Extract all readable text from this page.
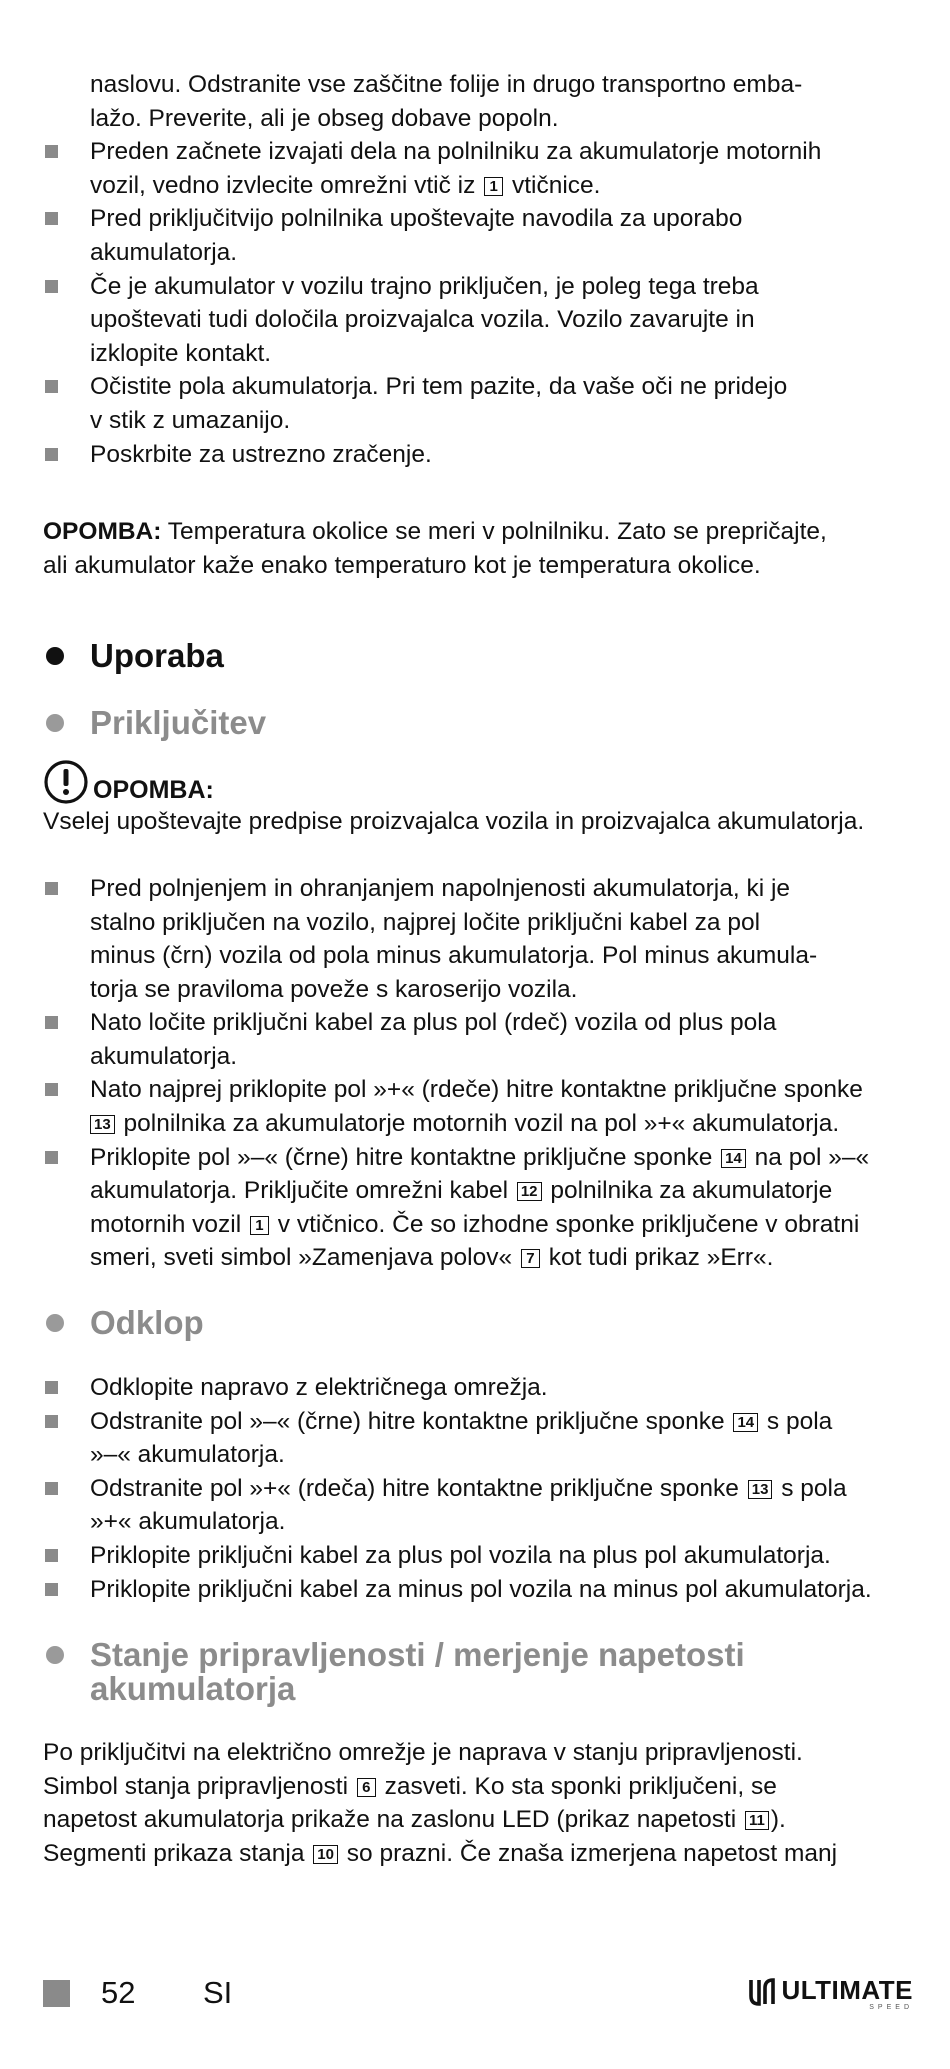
naslovu. Odstranite vse zaščitne folije in drugo transportno emba-
lažo. Preverite, ali je obseg dobave popoln.
Preden začnete izvajati dela na polnilniku za akumulatorje motornih
vozil, vedno izvlecite omrežni vtič iz 1 vtičnice.
Pred priključitvijo polnilnika upoštevajte navodila za uporabo
akumulatorja.
Če je akumulator v vozilu trajno priključen, je poleg tega treba
upoštevati tudi določila proizvajalca vozila. Vozilo zavarujte in
izklopite kontakt.
Očistite pola akumulatorja. Pri tem pazite, da vaše oči ne pridejo
v stik z umazanijo.
Poskrbite za ustrezno zračenje.
OPOMBA: Temperatura okolice se meri v polnilniku. Zato se prepričajte,
ali akumulator kaže enako temperaturo kot je temperatura okolice.
Uporaba
Priključitev
OPOMBA:
Vselej upoštevajte predpise proizvajalca vozila in proizvajalca akumulatorja.
Pred polnjenjem in ohranjanjem napolnjenosti akumulatorja, ki je
stalno priključen na vozilo, najprej ločite priključni kabel za pol
minus (črn) vozila od pola minus akumulatorja. Pol minus akumula-
torja se praviloma poveže s karoserijo vozila.
Nato ločite priključni kabel za plus pol (rdeč) vozila od plus pola
akumulatorja.
Nato najprej priklopite pol »+« (rdeče) hitre kontaktne priključne sponke
13 polnilnika za akumulatorje motornih vozil na pol »+« akumulatorja.
Priklopite pol »–« (črne) hitre kontaktne priključne sponke 14 na pol »–«
akumulatorja. Priključite omrežni kabel 12 polnilnika za akumulatorje
motornih vozil 1 v vtičnico. Če so izhodne sponke priključene v obratni
smeri, sveti simbol »Zamenjava polov« 7 kot tudi prikaz »Err«.
Odklop
Odklopite napravo z električnega omrežja.
Odstranite pol »–« (črne) hitre kontaktne priključne sponke 14 s pola
»–« akumulatorja.
Odstranite pol »+« (rdeča) hitre kontaktne priključne sponke 13 s pola
»+« akumulatorja.
Priklopite priključni kabel za plus pol vozila na plus pol akumulatorja.
Priklopite priključni kabel za minus pol vozila na minus pol akumulatorja.
Stanje pripravljenosti / merjenje napetosti
akumulatorja
Po priključitvi na električno omrežje je naprava v stanju pripravljenosti.
Simbol stanja pripravljenosti 6 zasveti. Ko sta sponki priključeni, se
napetost akumulatorja prikaže na zaslonu LED (prikaz napetosti 11 ).
Segmenti prikaza stanja 10 so prazni. Če znaša izmerjena napetost manj
52 SI	ULTIMATE
SPEED
